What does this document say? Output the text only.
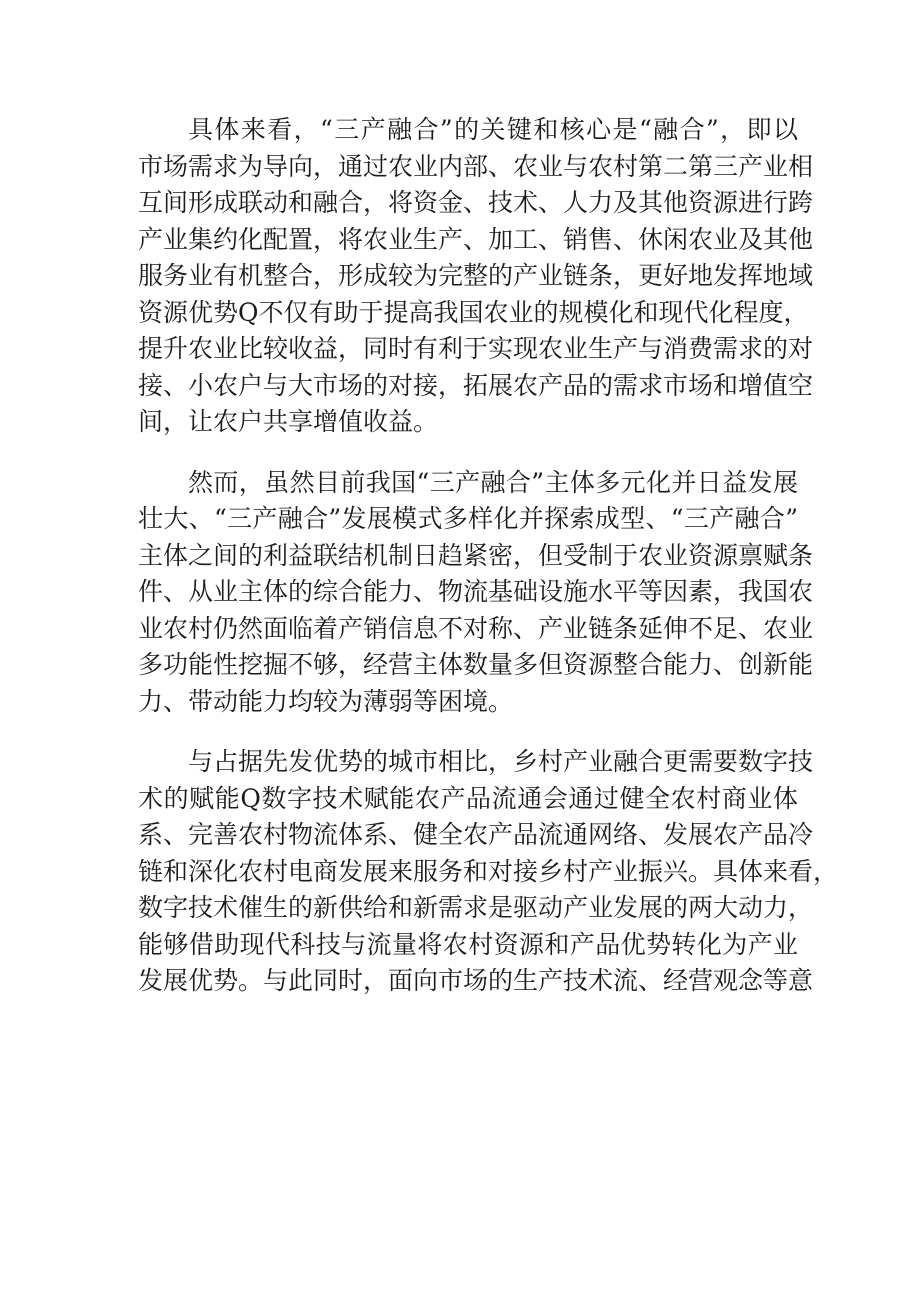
具体来看，“三产融合”的关键和核心是“融合”，即以
市场需求为导向，通过农业内部、农业与农村第二第三产业相
互间形成联动和融合，将资金、技术、人力及其他资源进行跨
产业集约化配置，将农业生产、加工、销售、休闲农业及其他
服务业有机整合，形成较为完整的产业链条，更好地发挥地域
资源优势Q不仅有助于提高我国农业的规模化和现代化程度，
提升农业比较收益，同时有利于实现农业生产与消费需求的对
接、小农户与大市场的对接，拓展农产品的需求市场和增值空
间，让农户共享增值收益。
然而，虽然目前我国“三产融合”主体多元化并日益发展
壮大、“三产融合”发展模式多样化并探索成型、“三产融合”
主体之间的利益联结机制日趋紧密，但受制于农业资源禀赋条
件、从业主体的综合能力、物流基础设施水平等因素，我国农
业农村仍然面临着产销信息不对称、产业链条延伸不足、农业
多功能性挖掘不够，经营主体数量多但资源整合能力、创新能
力、带动能力均较为薄弱等困境。
与占据先发优势的城市相比，乡村产业融合更需要数字技
术的赋能Q数字技术赋能农产品流通会通过健全农村商业体
系、完善农村物流体系、健全农产品流通网络、发展农产品冷
链和深化农村电商发展来服务和对接乡村产业振兴。具体来看，
数字技术催生的新供给和新需求是驱动产业发展的两大动力，
能够借助现代科技与流量将农村资源和产品优势转化为产业
发展优势。与此同时，面向市场的生产技术流、经营观念等意
